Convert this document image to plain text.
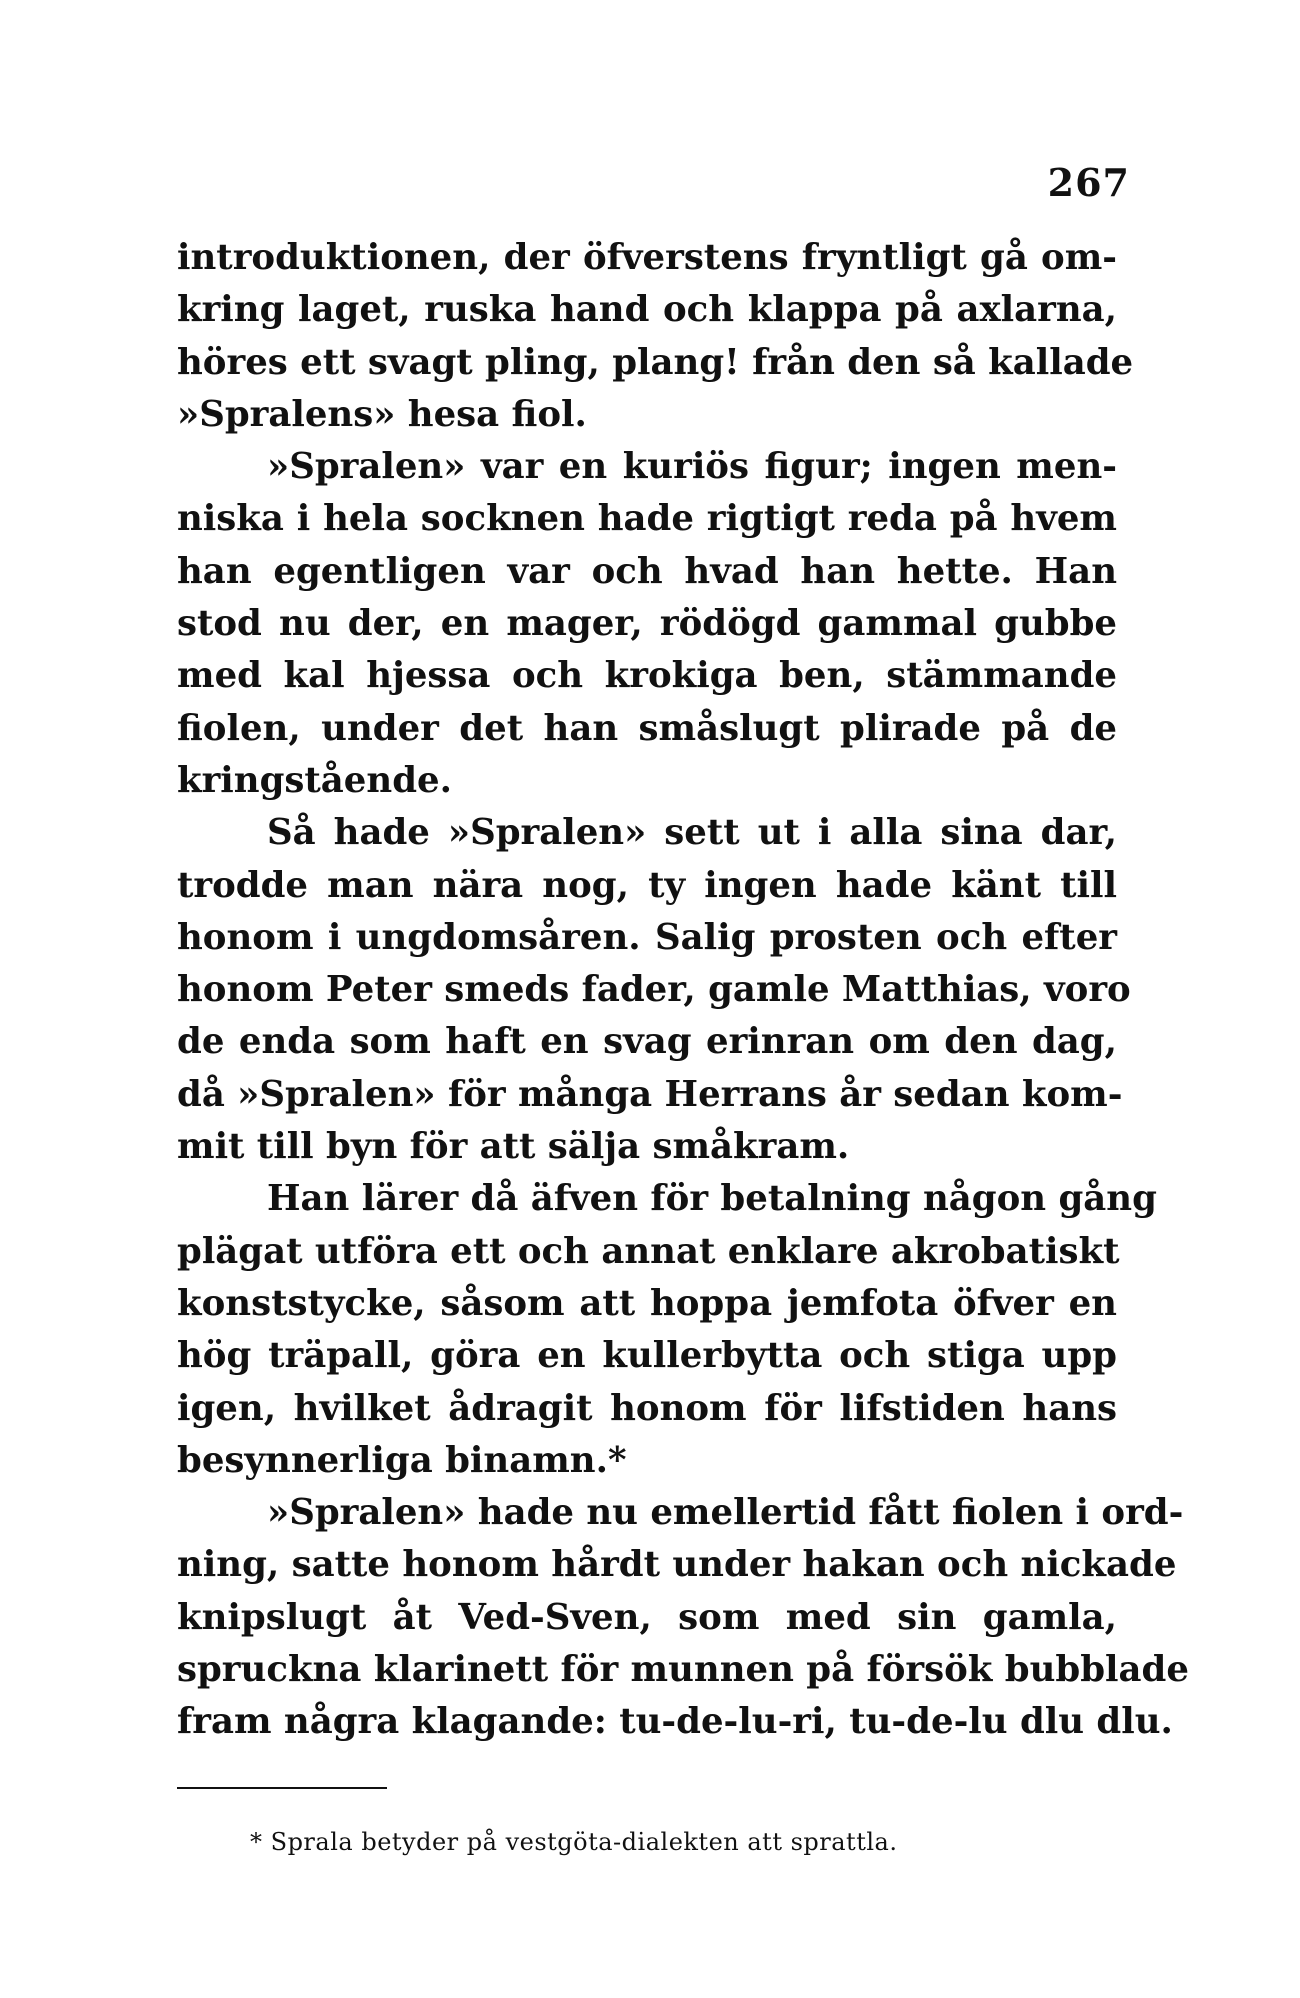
267
introduktionen, der öfverstens fryntligt gå om-
kring laget, ruska hand och klappa på axlarna,
höres ett svagt pling, plang! från den så kallade
»Spralens» hesa fiol.
»Spralen» var en kuriös figur; ingen men-
niska i hela socknen hade rigtigt reda på hvem
han egentligen var och hvad han hette. Han
stod nu der, en mager, rödögd gammal gubbe
med kal hjessa och krokiga ben, stämmande
fiolen, under det han småslugt plirade på de
kringstående.
Så hade »Spralen» sett ut i alla sina dar,
trodde man nära nog, ty ingen hade känt till
honom i ungdomsåren. Salig prosten och efter
honom Peter smeds fader, gamle Matthias, voro
de enda som haft en svag erinran om den dag,
då »Spralen» för många Herrans år sedan kom-
mit till byn för att sälja småkram.
Han lärer då äfven för betalning någon gång
plägat utföra ett och annat enklare akrobatiskt
konststycke, såsom att hoppa jemfota öfver en
hög träpall, göra en kullerbytta och stiga upp
igen, hvilket ådragit honom för lifstiden hans
besynnerliga binamn.*
»Spralen» hade nu emellertid fått fiolen i ord-
ning, satte honom hårdt under hakan och nickade
knipslugt åt Ved-Sven, som med sin gamla,
spruckna klarinett för munnen på försök bubblade
fram några klagande: tu-de-lu-ri, tu-de-lu dlu dlu.
* Sprala betyder på vestgöta-dialekten att sprattla.
